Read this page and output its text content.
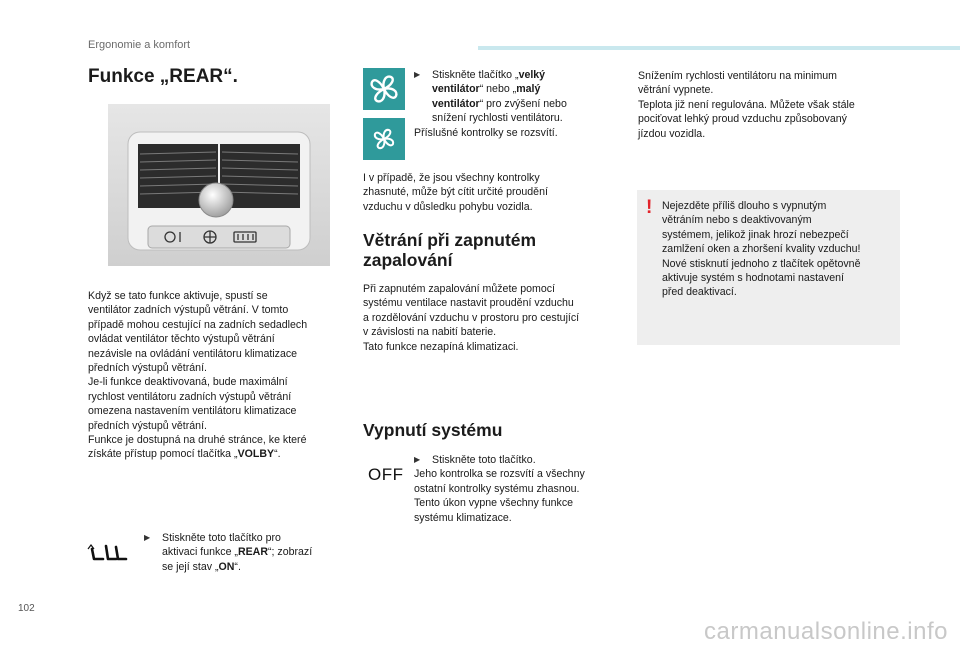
Ergonomie a komfort
Funkce „REAR“.
Když se tato funkce aktivuje, spustí se
ventilátor zadních výstupů větrání. V tomto
případě mohou cestující na zadních sedadlech
ovládat ventilátor těchto výstupů větrání
nezávisle na ovládání ventilátoru klimatizace
předních výstupů větrání.
Je-li funkce deaktivovaná, bude maximální
rychlost ventilátoru zadních výstupů větrání
omezena nastavením ventilátoru klimatizace
předních výstupů větrání.
Funkce je dostupná na druhé stránce, ke které
získáte přístup pomocí tlačítka „VOLBY“.
▶ Stiskněte toto tlačítko pro
aktivaci funkce „REAR“; zobrazí
se její stav „ON“.
▶ Stiskněte tlačítko „velký
ventilátor“ nebo „malý
ventilátor“ pro zvýšení nebo
snížení rychlosti ventilátoru.
Příslušné kontrolky se rozsvítí.
I v případě, že jsou všechny kontrolky
zhasnuté, může být cítit určité proudění
vzduchu v důsledku pohybu vozidla.
Větrání při zapnutém
zapalování
Při zapnutém zapalování můžete pomocí
systému ventilace nastavit proudění vzduchu
a rozdělování vzduchu v prostoru pro cestující
v závislosti na nabití baterie.
Tato funkce nezapíná klimatizaci.
Vypnutí systému
OFF
▶	Stiskněte toto tlačítko.
Jeho kontrolka se rozsvítí a všechny
ostatní kontrolky systému zhasnou.
Tento úkon vypne všechny funkce
systému klimatizace.
Snížením rychlosti ventilátoru na minimum
větrání vypnete.
Teplota již není regulována. Můžete však stále
pociťovat lehký proud vzduchu způsobovaný
jízdou vozidla.
! Nejezděte příliš dlouho s vypnutým
větráním nebo s deaktivovaným
systémem, jelikož jinak hrozí nebezpečí
zamlžení oken a zhoršení kvality vzduchu!
Nové stisknutí jednoho z tlačítek opětovně
aktivuje systém s hodnotami nastavení
před deaktivací.
102
carmanualsonline.info
